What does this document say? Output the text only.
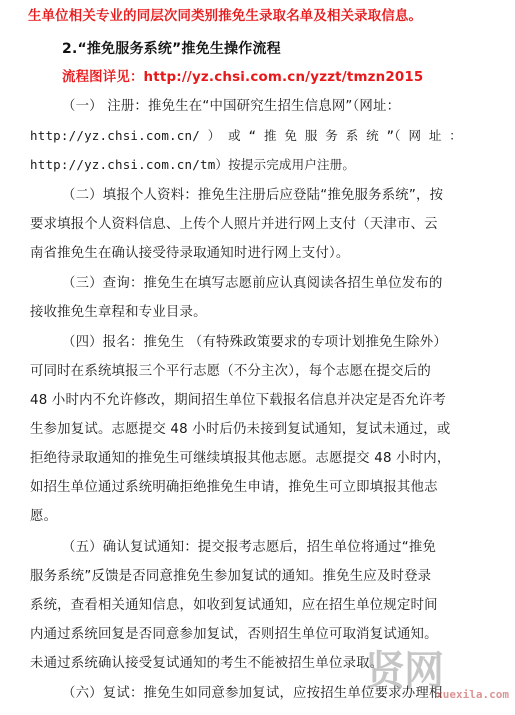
生单位相关专业的同层次同类别推免生录取名单及相关录取信息。
2.“推免服务系统”推免生操作流程
流程图详见：http://yz.chsi.com.cn/yzzt/tmzn2015
（一） 注册：推免生在“中国研究生招生信息网”（网址：
http://yz.chsi.com.cn/ ） 或 “ 推 免 服 务 系 统 ”（ 网 址 ：
http://yz.chsi.com.cn/tm）按提示完成用户注册。
（二）填报个人资料：推免生注册后应登陆“推免服务系统”，按
要求填报个人资料信息、上传个人照片并进行网上支付（天津市、云
南省推免生在确认接受待录取通知时进行网上支付）。
（三）查询：推免生在填写志愿前应认真阅读各招生单位发布的
接收推免生章程和专业目录。
（四）报名：推免生 （有特殊政策要求的专项计划推免生除外）
可同时在系统填报三个平行志愿（不分主次），每个志愿在提交后的
48 小时内不允许修改，期间招生单位下载报名信息并决定是否允许考
生参加复试。志愿提交 48 小时后仍未接到复试通知，复试未通过，或
拒绝待录取通知的推免生可继续填报其他志愿。志愿提交 48 小时内，
如招生单位通过系统明确拒绝推免生申请，推免生可立即填报其他志
愿。
（五）确认复试通知：提交报考志愿后，招生单位将通过“推免
服务系统”反馈是否同意推免生参加复试的通知。推免生应及时登录
系统，查看相关通知信息，如收到复试通知，应在招生单位规定时间
内通过系统回复是否同意参加复试，否则招生单位可取消复试通知。
未通过系统确认接受复试通知的考生不能被招生单位录取。
（六）复试：推免生如同意参加复试，应按招生单位要求办理相
贤网
xuexila.com
